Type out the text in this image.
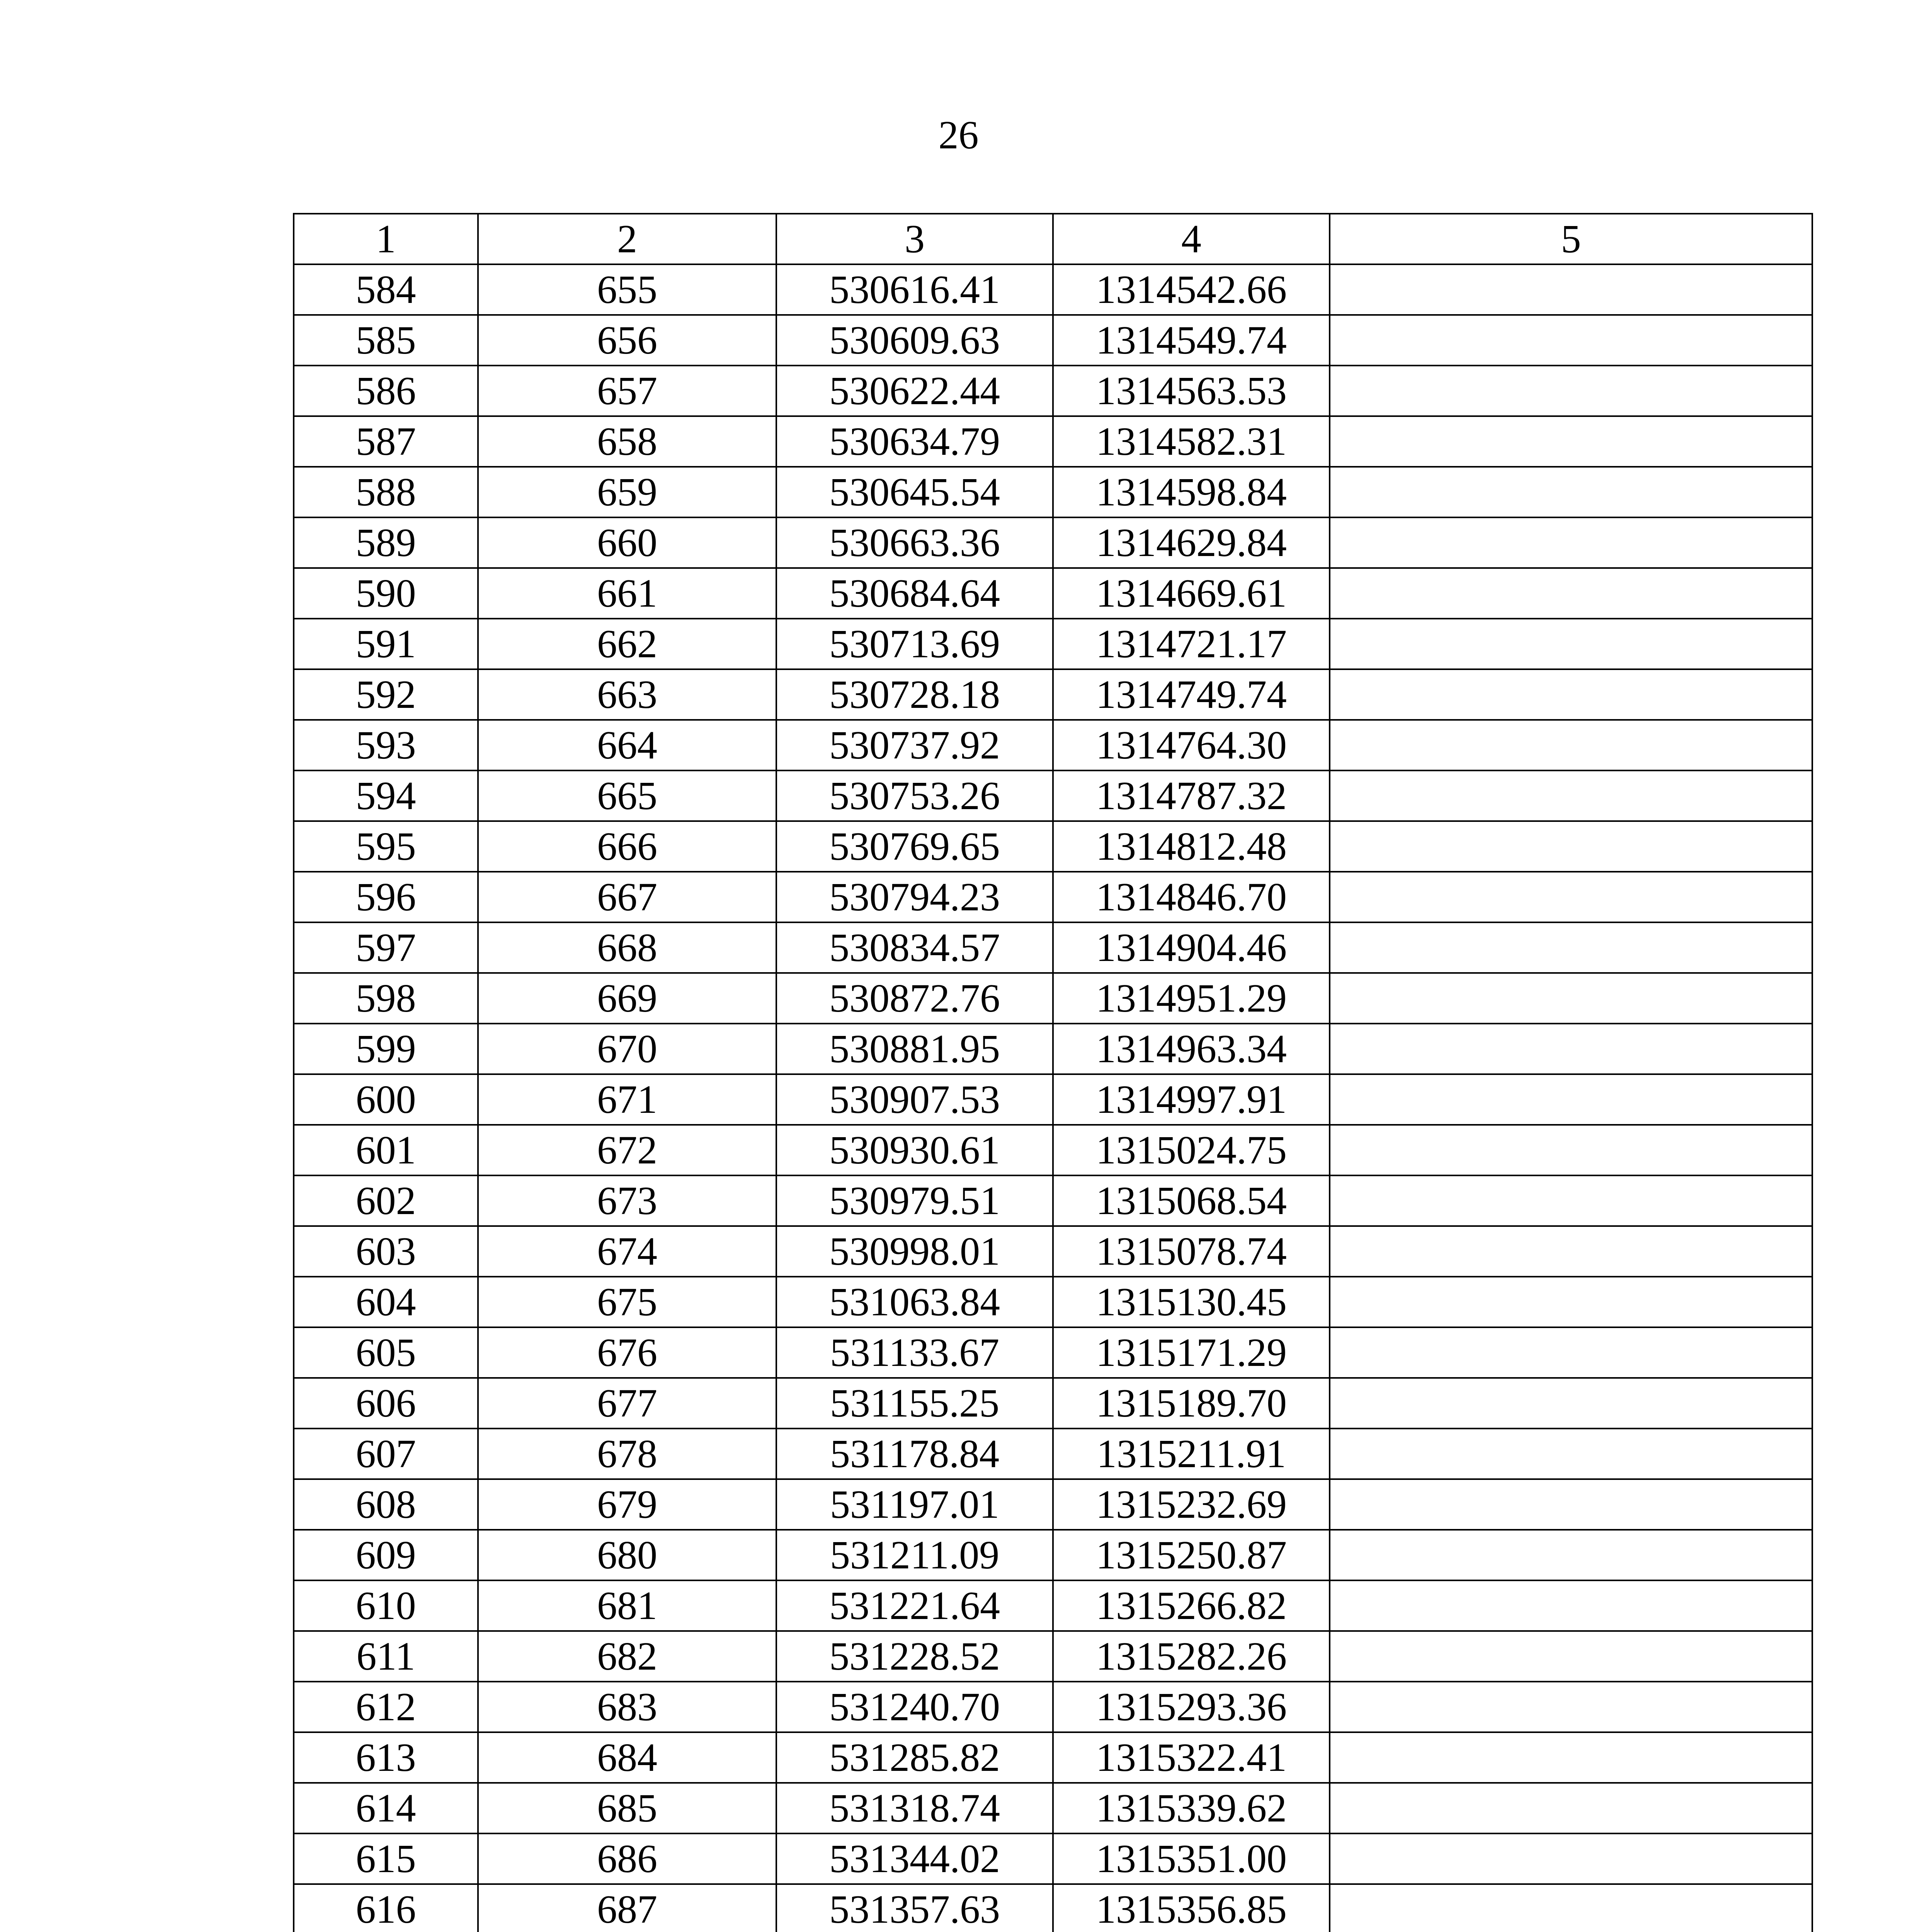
26
1	2	3	4	5
584	655	530616.41	1314542.66	
585	656	530609.63	1314549.74	
586	657	530622.44	1314563.53	
587	658	530634.79	1314582.31	
588	659	530645.54	1314598.84	
589	660	530663.36	1314629.84	
590	661	530684.64	1314669.61	
591	662	530713.69	1314721.17	
592	663	530728.18	1314749.74	
593	664	530737.92	1314764.30	
594	665	530753.26	1314787.32	
595	666	530769.65	1314812.48	
596	667	530794.23	1314846.70	
597	668	530834.57	1314904.46	
598	669	530872.76	1314951.29	
599	670	530881.95	1314963.34	
600	671	530907.53	1314997.91	
601	672	530930.61	1315024.75	
602	673	530979.51	1315068.54	
603	674	530998.01	1315078.74	
604	675	531063.84	1315130.45	
605	676	531133.67	1315171.29	
606	677	531155.25	1315189.70	
607	678	531178.84	1315211.91	
608	679	531197.01	1315232.69	
609	680	531211.09	1315250.87	
610	681	531221.64	1315266.82	
611	682	531228.52	1315282.26	
612	683	531240.70	1315293.36	
613	684	531285.82	1315322.41	
614	685	531318.74	1315339.62	
615	686	531344.02	1315351.00	
616	687	531357.63	1315356.85	
